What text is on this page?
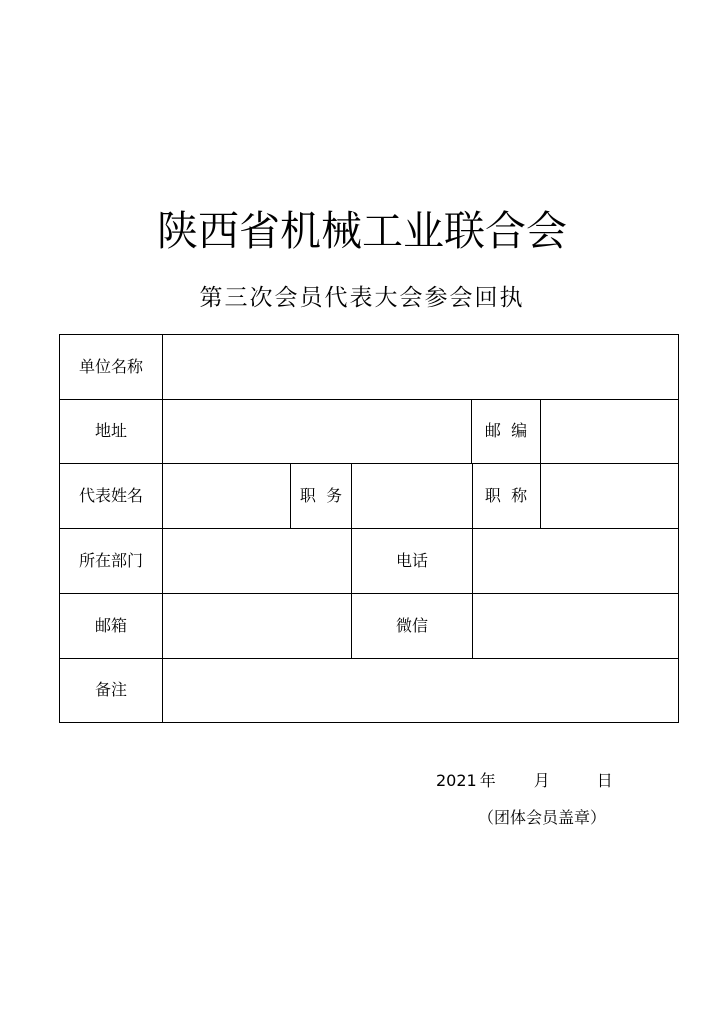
陕西省机械工业联合会
第三次会员代表大会参会回执
单位名称
地址	邮  编
代表姓名	职  务	职  称
所在部门	电话
邮箱	微信
备注
2021 年 月	日
（团体会员盖章）
